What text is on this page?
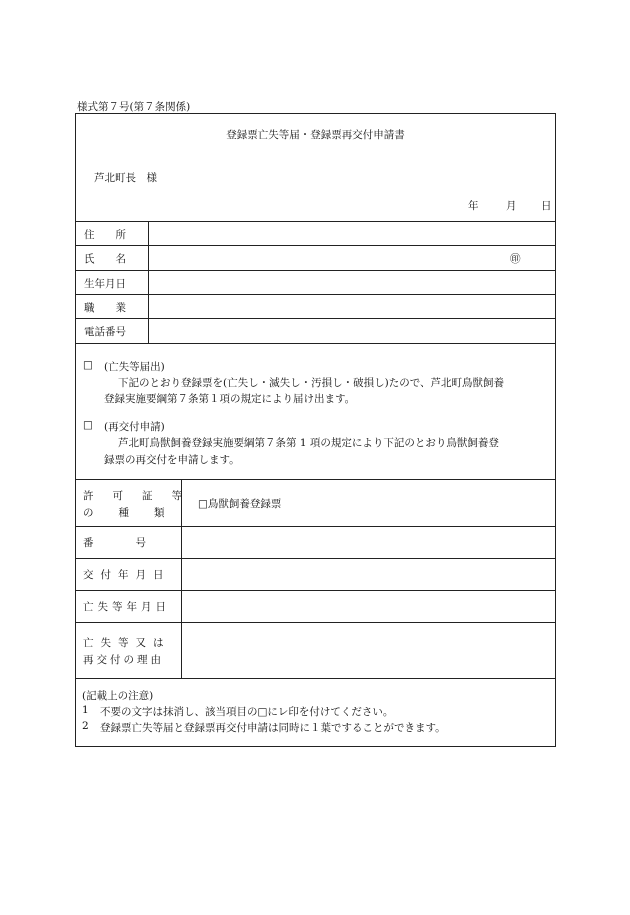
様式第７号(第７条関係)
登録票亡失等届・登録票再交付申請書
芦北町長　様
年	月 日
住　　所
氏　　名	㊞
生年月日
職　　業
電話番号
□ (亡失等届出)
下記のとおり登録票を(亡失し・滅失し・汚損し・破損し)たので、芦北町鳥獣飼養
登録実施要綱第７条第１項の規定により届け出ます。
□ (再交付申請)
芦北町鳥獣飼養登録実施要綱第７条第 1 項の規定により下記のとおり鳥獣飼養登
録票の再交付を申請します。
許可証等
の種類
□鳥獣飼養登録票
番　　　　号
交付年月日
亡失等年月日
亡失等又は
再交付の理由
(記載上の注意)
1 不要の文字は抹消し、該当項目の□にレ印を付けてください。
2 登録票亡失等届と登録票再交付申請は同時に１葉ですることができます。
